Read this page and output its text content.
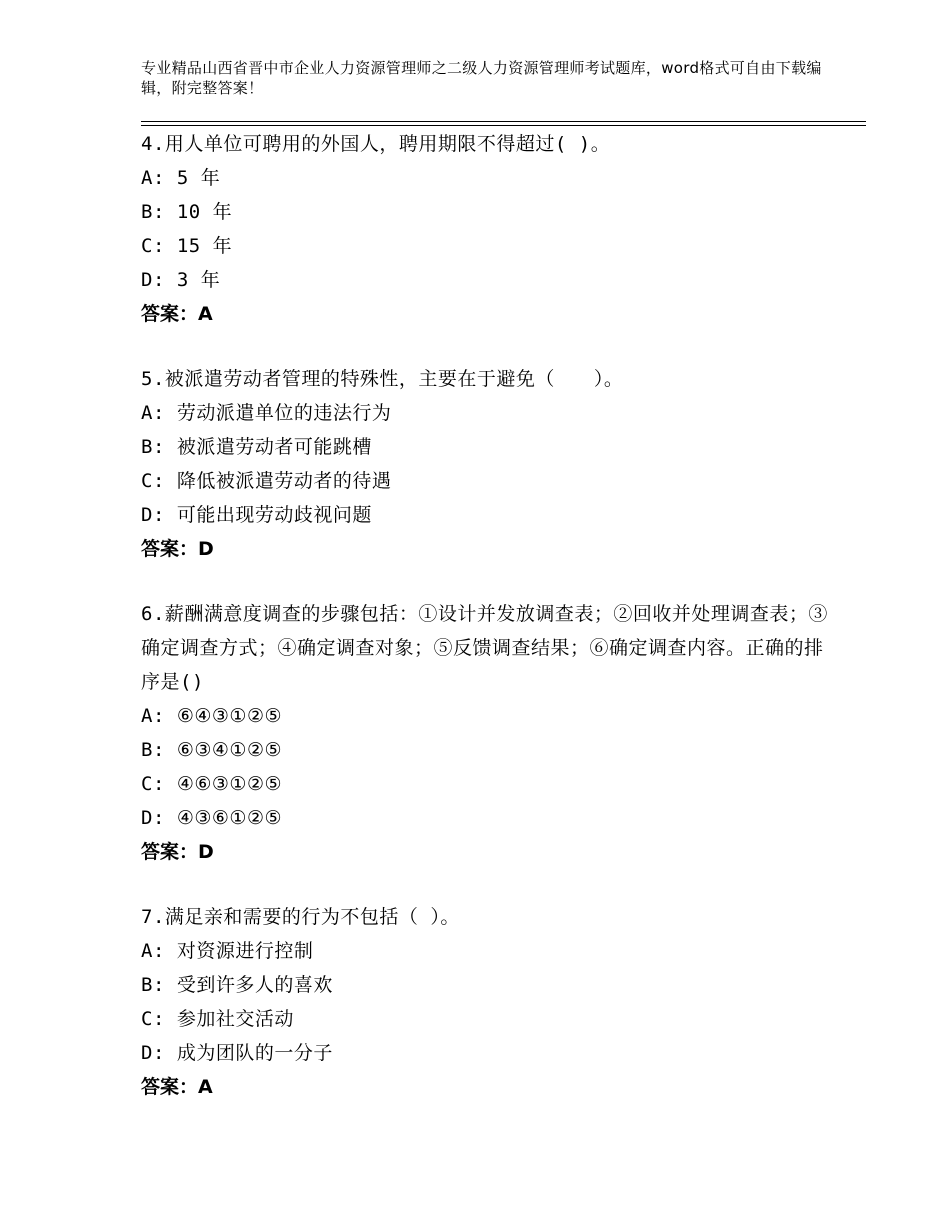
专业精品山西省晋中市企业人力资源管理师之二级人力资源管理师考试题库，word格式可自由下载编辑，附完整答案！
4.用人单位可聘用的外国人，聘用期限不得超过( )。
A: 5 年
B: 10 年
C: 15 年
D: 3 年
答案：A
5.被派遣劳动者管理的特殊性，主要在于避免（　　）。
A: 劳动派遣单位的违法行为
B: 被派遣劳动者可能跳槽
C: 降低被派遣劳动者的待遇
D: 可能出现劳动歧视问题
答案：D
6.薪酬满意度调查的步骤包括：①设计并发放调查表；②回收并处理调查表；③确定调查方式；④确定调查对象；⑤反馈调查结果；⑥确定调查内容。正确的排序是()
A: ⑥④③①②⑤
B: ⑥③④①②⑤
C: ④⑥③①②⑤
D: ④③⑥①②⑤
答案：D
7.满足亲和需要的行为不包括（ ）。
A: 对资源进行控制
B: 受到许多人的喜欢
C: 参加社交活动
D: 成为团队的一分子
答案：A
